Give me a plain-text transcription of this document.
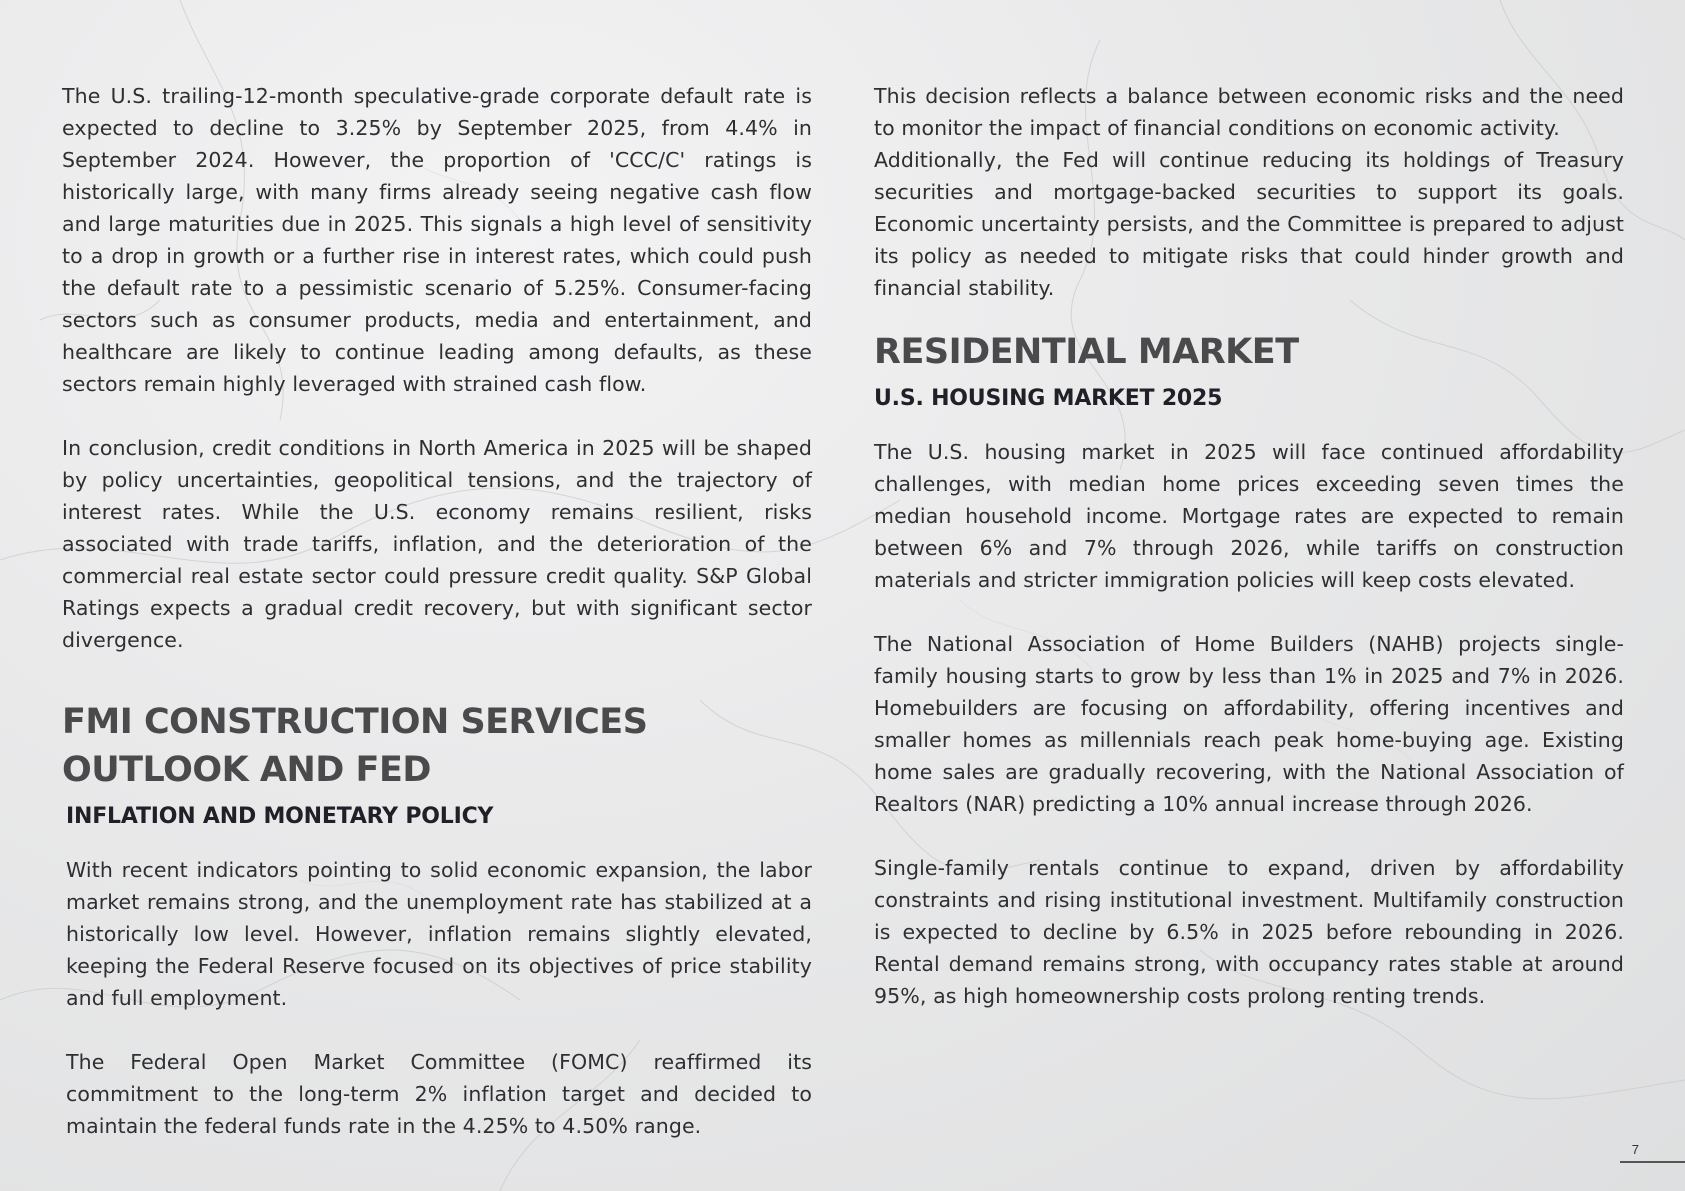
The U.S. trailing-12-month speculative-grade corporate default rate is expected to decline to 3.25% by September 2025, from 4.4% in September 2024. However, the proportion of 'CCC/C' ratings is historically large, with many firms already seeing negative cash flow and large maturities due in 2025. This signals a high level of sensitivity to a drop in growth or a further rise in interest rates, which could push the default rate to a pessimistic scenario of 5.25%. Consumer-facing sectors such as consumer products, media and entertainment, and healthcare are likely to continue leading among defaults, as these sectors remain highly leveraged with strained cash flow.

In conclusion, credit conditions in North America in 2025 will be shaped by policy uncertainties, geopolitical tensions, and the trajectory of interest rates. While the U.S. economy remains resilient, risks associated with trade tariffs, inflation, and the deterioration of the commercial real estate sector could pressure credit quality. S&P Global Ratings expects a gradual credit recovery, but with significant sector divergence.

FMI CONSTRUCTION SERVICES OUTLOOK AND FED
INFLATION AND MONETARY POLICY

With recent indicators pointing to solid economic expansion, the labor market remains strong, and the unemployment rate has stabilized at a historically low level. However, inflation remains slightly elevated, keeping the Federal Reserve focused on its objectives of price stability and full employment.

The Federal Open Market Committee (FOMC) reaffirmed its commitment to the long-term 2% inflation target and decided to maintain the federal funds rate in the 4.25% to 4.50% range.

This decision reflects a balance between economic risks and the need to monitor the impact of financial conditions on economic activity.

Additionally, the Fed will continue reducing its holdings of Treasury securities and mortgage-backed securities to support its goals. Economic uncertainty persists, and the Committee is prepared to adjust its policy as needed to mitigate risks that could hinder growth and financial stability.

RESIDENTIAL MARKET
U.S. HOUSING MARKET 2025

The U.S. housing market in 2025 will face continued affordability challenges, with median home prices exceeding seven times the median household income. Mortgage rates are expected to remain between 6% and 7% through 2026, while tariffs on construction materials and stricter immigration policies will keep costs elevated.

The National Association of Home Builders (NAHB) projects single-family housing starts to grow by less than 1% in 2025 and 7% in 2026. Homebuilders are focusing on affordability, offering incentives and smaller homes as millennials reach peak home-buying age. Existing home sales are gradually recovering, with the National Association of Realtors (NAR) predicting a 10% annual increase through 2026.

Single-family rentals continue to expand, driven by affordability constraints and rising institutional investment. Multifamily construction is expected to decline by 6.5% in 2025 before rebounding in 2026. Rental demand remains strong, with occupancy rates stable at around 95%, as high homeownership costs prolong renting trends.

7
